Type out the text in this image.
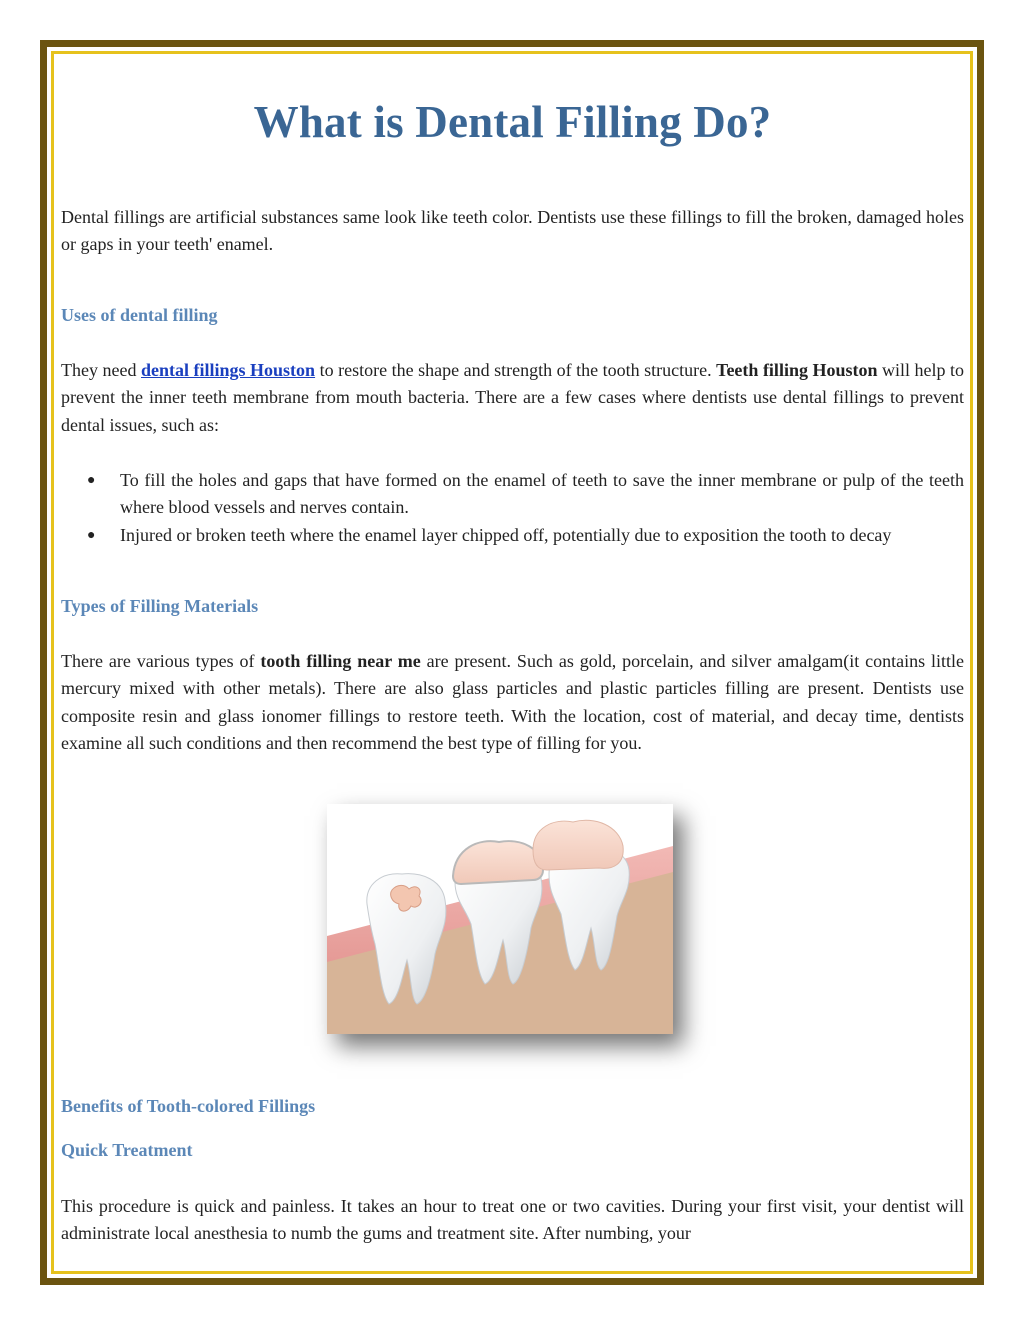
What is Dental Filling Do?

Dental fillings are artificial substances same look like teeth color. Dentists use these fillings to fill the broken, damaged holes or gaps in your teeth' enamel.

Uses of dental filling

They need dental fillings Houston to restore the shape and strength of the tooth structure. Teeth filling Houston will help to prevent the inner teeth membrane from mouth bacteria. There are a few cases where dentists use dental fillings to prevent dental issues, such as:

● To fill the holes and gaps that have formed on the enamel of teeth to save the inner membrane or pulp of the teeth where blood vessels and nerves contain.
● Injured or broken teeth where the enamel layer chipped off, potentially due to exposition the tooth to decay
Types of Filling Materials

There are various types of tooth filling near me are present. Such as gold, porcelain, and silver amalgam(it contains little mercury mixed with other metals). There are also glass particles and plastic particles filling are present. Dentists use composite resin and glass ionomer fillings to restore teeth. With the location, cost of material, and decay time, dentists examine all such conditions and then recommend the best type of filling for you.

Benefits of Tooth-colored Fillings
Quick Treatment

This procedure is quick and painless. It takes an hour to treat one or two cavities. During your first visit, your dentist will administrate local anesthesia to numb the gums and treatment site. After numbing, your
